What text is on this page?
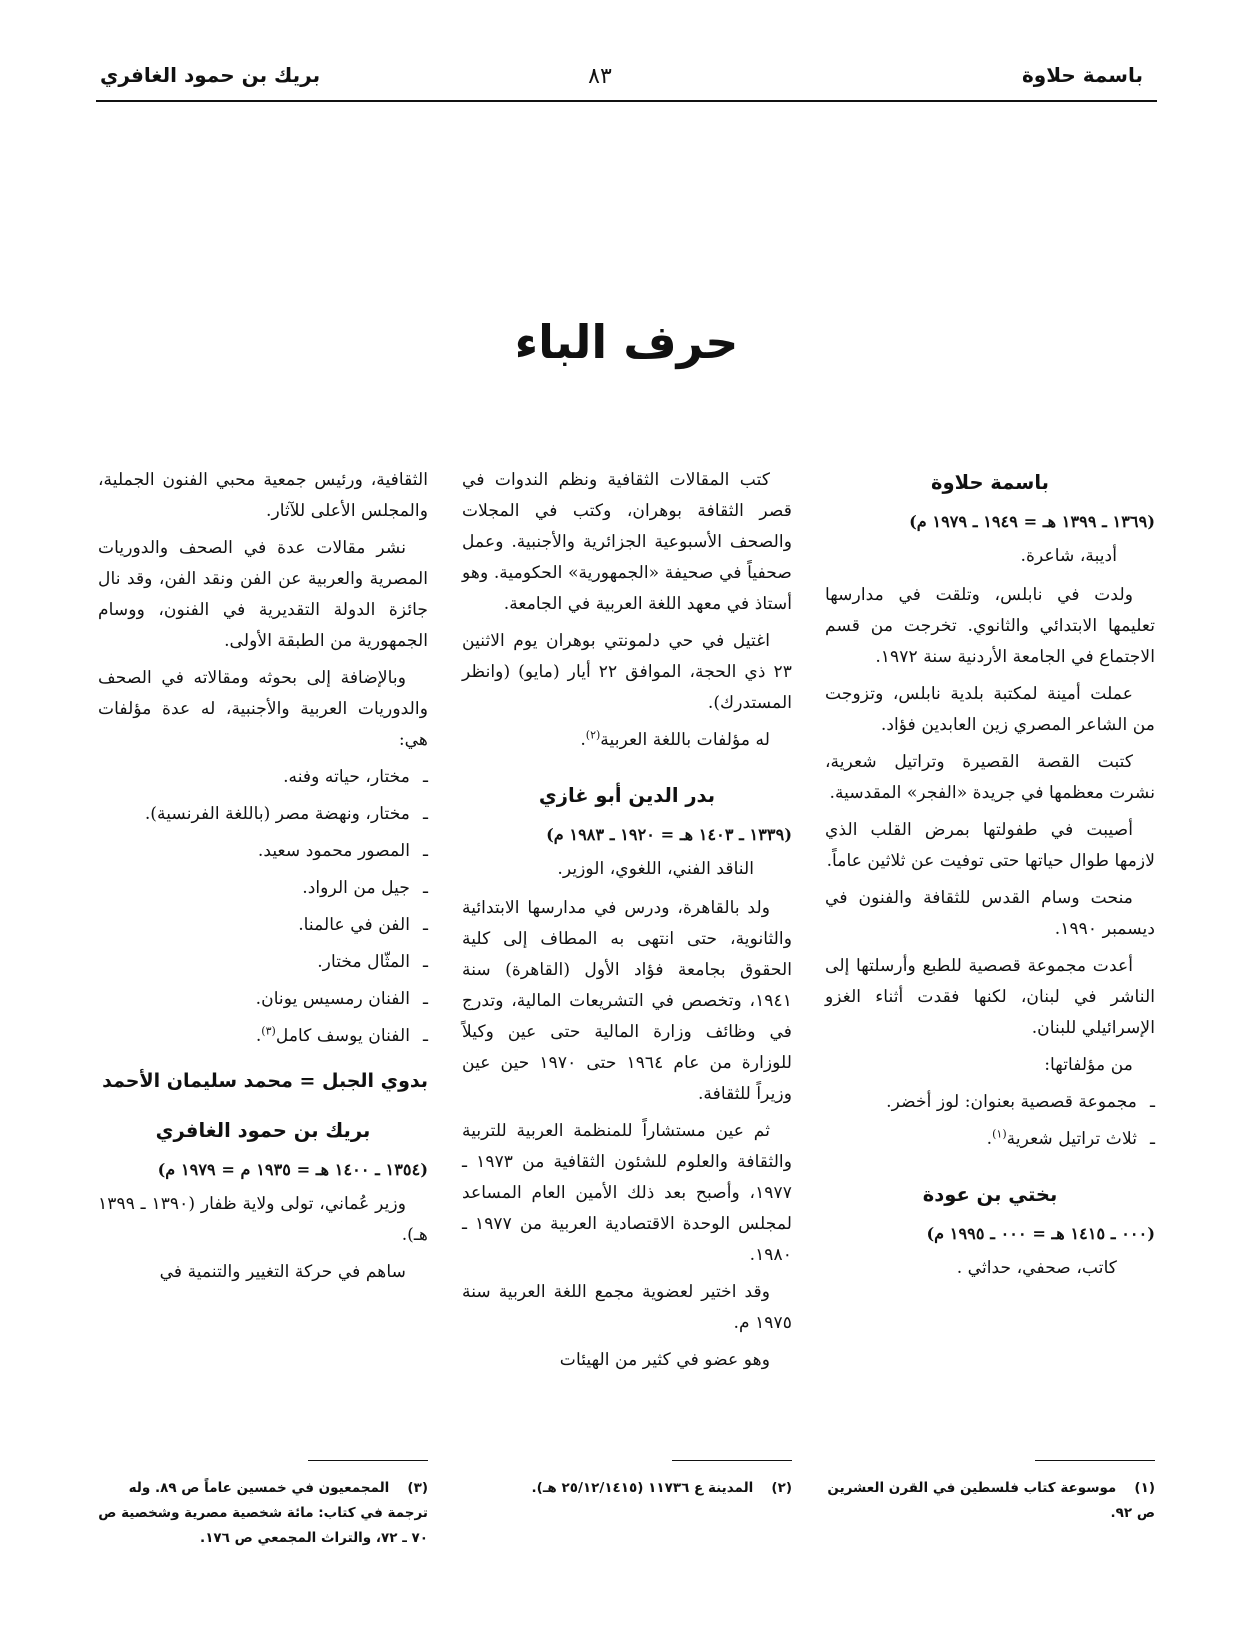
باسمة حلاوة
٨٣
بريك بن حمود الغافري
حرف الباء
باسمة حلاوة
(١٣٦٩ ـ ١٣٩٩ هـ = ١٩٤٩ ـ ١٩٧٩ م)
أديبة، شاعرة.

ولدت في نابلس، وتلقت في مدارسها تعليمها الابتدائي والثانوي. تخرجت من قسم الاجتماع في الجامعة الأردنية سنة ١٩٧٢.

عملت أمينة لمكتبة بلدية نابلس، وتزوجت من الشاعر المصري زين العابدين فؤاد.

كتبت القصة القصيرة وتراتيل شعرية، نشرت معظمها في جريدة «الفجر» المقدسية.

أصيبت في طفولتها بمرض القلب الذي لازمها طوال حياتها حتى توفيت عن ثلاثين عاماً.

منحت وسام القدس للثقافة والفنون في ديسمبر ١٩٩٠.

أعدت مجموعة قصصية للطبع وأرسلتها إلى الناشر في لبنان، لكنها فقدت أثناء الغزو الإسرائيلي للبنان.

من مؤلفاتها:

ـمجموعة قصصية بعنوان: لوز أخضر.
ـثلاث تراتيل شعرية$^{(١)}$.
بختي بن عودة
(٠٠٠ ـ ١٤١٥ هـ = ٠٠٠ ـ ١٩٩٥ م)
كاتب، صحفي، حداثي .

كتب المقالات الثقافية ونظم الندوات في قصر الثقافة بوهران، وكتب في المجلات والصحف الأسبوعية الجزائرية والأجنبية. وعمل صحفياً في صحيفة «الجمهورية» الحكومية. وهو أستاذ في معهد اللغة العربية في الجامعة.

اغتيل في حي دلمونتي بوهران يوم الاثنين ٢٣ ذي الحجة، الموافق ٢٢ أيار (مايو) (وانظر المستدرك).

له مؤلفات باللغة العربية$^{(٢)}$.

بدر الدين أبو غازي
(١٣٣٩ ـ ١٤٠٣ هـ = ١٩٢٠ ـ ١٩٨٣ م)
الناقد الفني، اللغوي، الوزير.

ولد بالقاهرة، ودرس في مدارسها الابتدائية والثانوية، حتى انتهى به المطاف إلى كلية الحقوق بجامعة فؤاد الأول (القاهرة) سنة ١٩٤١، وتخصص في التشريعات المالية، وتدرج في وظائف وزارة المالية حتى عين وكيلاً للوزارة من عام ١٩٦٤ حتى ١٩٧٠ حين عين وزيراً للثقافة.

ثم عين مستشاراً للمنظمة العربية للتربية والثقافة والعلوم للشئون الثقافية من ١٩٧٣ ـ ١٩٧٧، وأصبح بعد ذلك الأمين العام المساعد لمجلس الوحدة الاقتصادية العربية من ١٩٧٧ ـ ١٩٨٠.

وقد اختير لعضوية مجمع اللغة العربية سنة ١٩٧٥ م.

وهو عضو في كثير من الهيئات

الثقافية، ورئيس جمعية محبي الفنون الجملية، والمجلس الأعلى للآثار.

نشر مقالات عدة في الصحف والدوريات المصرية والعربية عن الفن ونقد الفن، وقد نال جائزة الدولة التقديرية في الفنون، ووسام الجمهورية من الطبقة الأولى.

وبالإضافة إلى بحوثه ومقالاته في الصحف والدوريات العربية والأجنبية، له عدة مؤلفات هي:

ـمختار، حياته وفنه.
ـمختار، ونهضة مصر (باللغة الفرنسية).
ـالمصور محمود سعيد.
ـجيل من الرواد.
ـالفن في عالمنا.
ـالمثّال مختار.
ـالفنان رمسيس يونان.
ـالفنان يوسف كامل$^{(٣)}$.
بدوي الجبل = محمد سليمان الأحمد
بريك بن حمود الغافري
(١٣٥٤ ـ ١٤٠٠ هـ = ١٩٣٥ م = ١٩٧٩ م)

وزير عُماني، تولى ولاية ظفار (١٣٩٠ ـ ١٣٩٩ هـ).

ساهم في حركة التغيير والتنمية في

(١) موسوعة كتاب فلسطين في القرن العشرين ص ٩٢.
(٢) المدينة ع ١١٧٣٦ (٢٥/١٢/١٤١٥ هـ).
(٣) المجمعيون في خمسين عاماً ص ٨٩. وله ترجمة في كتاب: مائة شخصية مصرية وشخصية ص ٧٠ ـ ٧٢، والتراث المجمعي ص ١٧٦.
